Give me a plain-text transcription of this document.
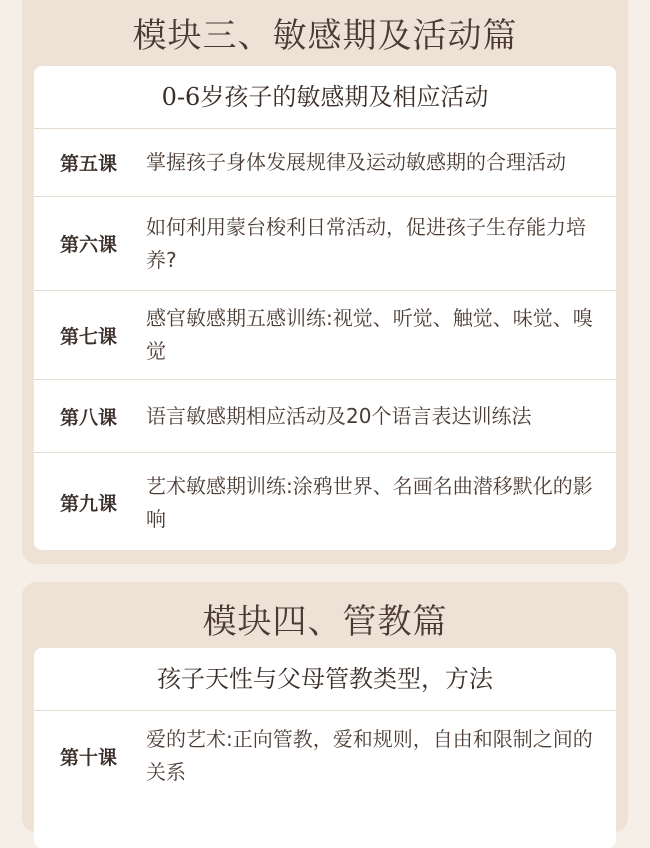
模块三、敏感期及活动篇
0-6岁孩子的敏感期及相应活动
第五课	掌握孩子身体发展规律及运动敏感期的合理活动
第六课
如何利用蒙台梭利日常活动，促进孩子生存能力培养?
第七课
感官敏感期五感训练:视觉、听觉、触觉、味觉、嗅觉
第八课	语言敏感期相应活动及20个语言表达训练法
第九课
艺术敏感期训练:涂鸦世界、名画名曲潜移默化的影响
模块四、管教篇
孩子天性与父母管教类型，方法
第十课
爱的艺术:正向管教，爱和规则，自由和限制之间的关系
